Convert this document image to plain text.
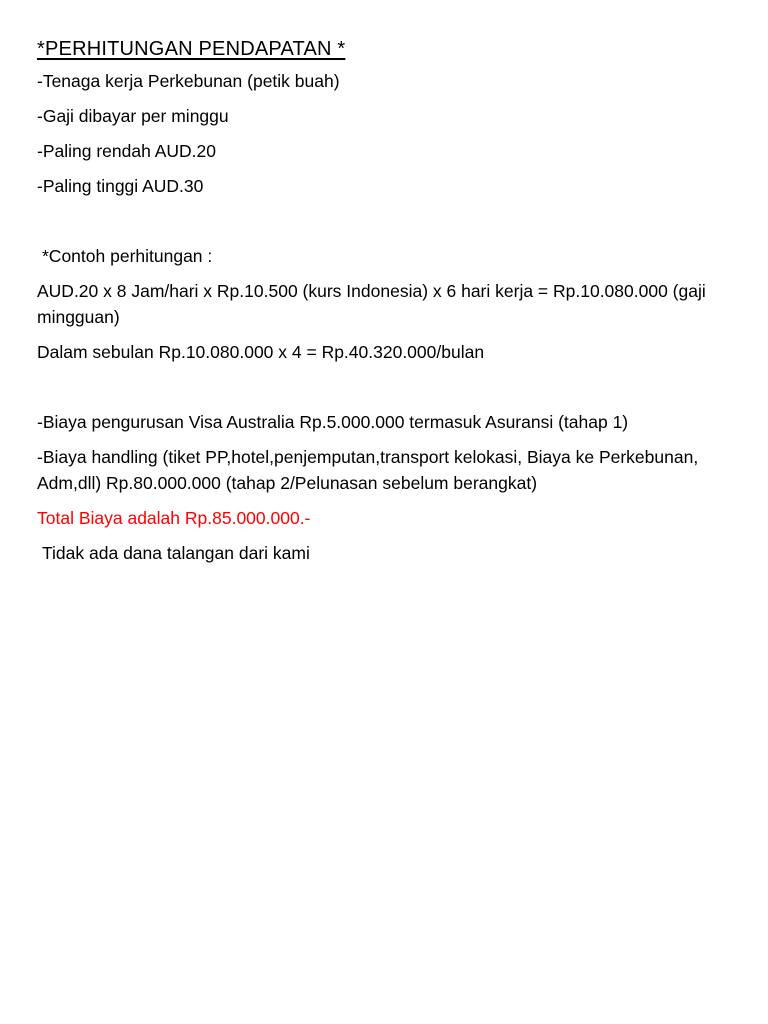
*PERHITUNGAN PENDAPATAN *
-Tenaga kerja Perkebunan (petik buah)
-Gaji dibayar per minggu
-Paling rendah AUD.20
-Paling tinggi AUD.30
*Contoh perhitungan :
AUD.20 x 8 Jam/hari x Rp.10.500 (kurs Indonesia) x 6 hari kerja = Rp.10.080.000 (gaji mingguan)
Dalam sebulan Rp.10.080.000 x 4 = Rp.40.320.000/bulan
-Biaya pengurusan Visa Australia Rp.5.000.000 termasuk Asuransi (tahap 1)
-Biaya handling (tiket PP,hotel,penjemputan,transport kelokasi, Biaya ke Perkebunan, Adm,dll) Rp.80.000.000 (tahap 2/Pelunasan sebelum berangkat)
Total Biaya adalah Rp.85.000.000.-
Tidak ada dana talangan dari kami
